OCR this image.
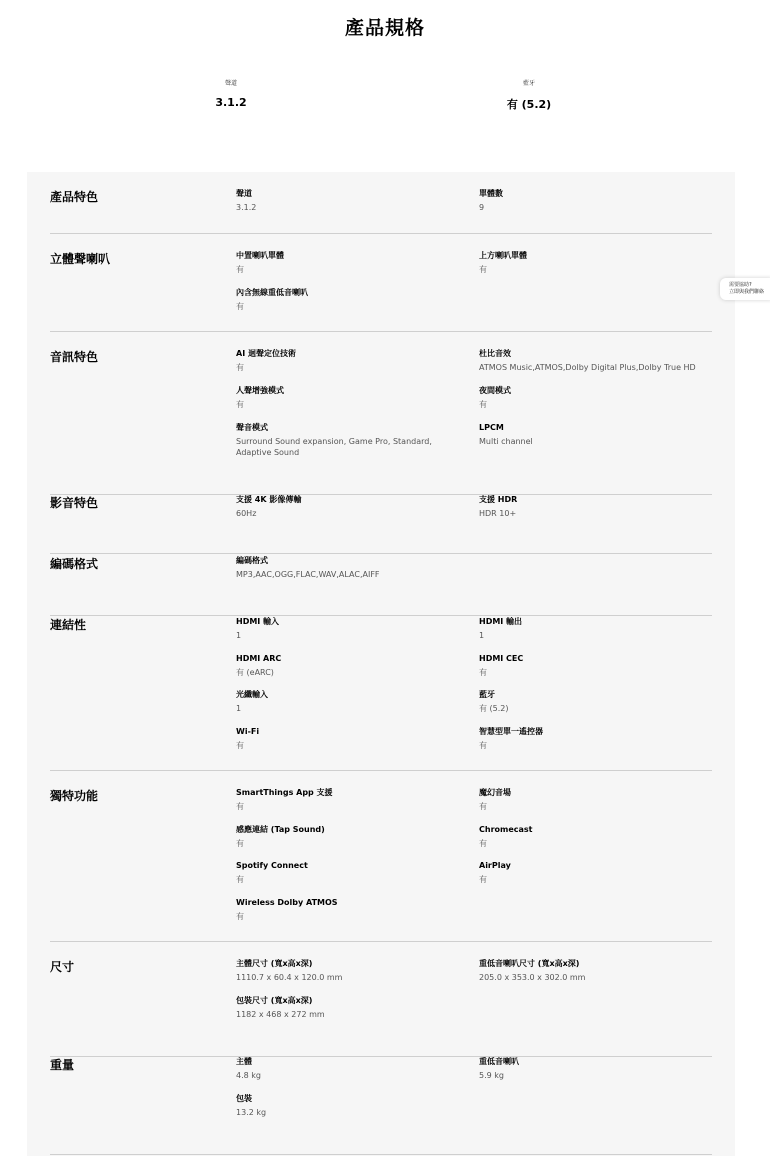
產品規格
聲道
3.1.2
藍牙
有 (5.2)
產品特色	聲道
3.1.2
單體數
9
立體聲喇叭	中置喇叭單體
有
上方喇叭單體
有
內含無線重低音喇叭
有
音訊特色	AI 迴聲定位技術
有
杜比音效
ATMOS Music,ATMOS,Dolby Digital Plus,Dolby True HD
人聲增強模式
有
夜間模式
有
聲音模式
Surround Sound expansion, Game Pro, Standard, Adaptive Sound
LPCM
Multi channel
影音特色	支援 4K 影像傳輸
60Hz
支援 HDR
HDR 10+
編碼格式	編碼格式
MP3,AAC,OGG,FLAC,WAV,ALAC,AIFF
連結性	HDMI 輸入
1
HDMI 輸出
1
HDMI ARC
有 (eARC)
HDMI CEC
有
光纖輸入
1
藍牙
有 (5.2)
Wi-Fi
有
智慧型單一遙控器
有
獨特功能	SmartThings App 支援
有
魔幻音場
有
感應連結 (Tap Sound)
有
Chromecast
有
Spotify Connect
有
AirPlay
有
Wireless Dolby ATMOS
有
尺寸	主體尺寸 (寬x高x深)
1110.7 x 60.4 x 120.0 mm
重低音喇叭尺寸 (寬x高x深)
205.0 x 353.0 x 302.0 mm
包裝尺寸 (寬x高x深)
1182 x 468 x 272 mm
重量	主體
4.8 kg
重低音喇叭
5.9 kg
包裝
13.2 kg
需要協助?
立即與我們聯絡
